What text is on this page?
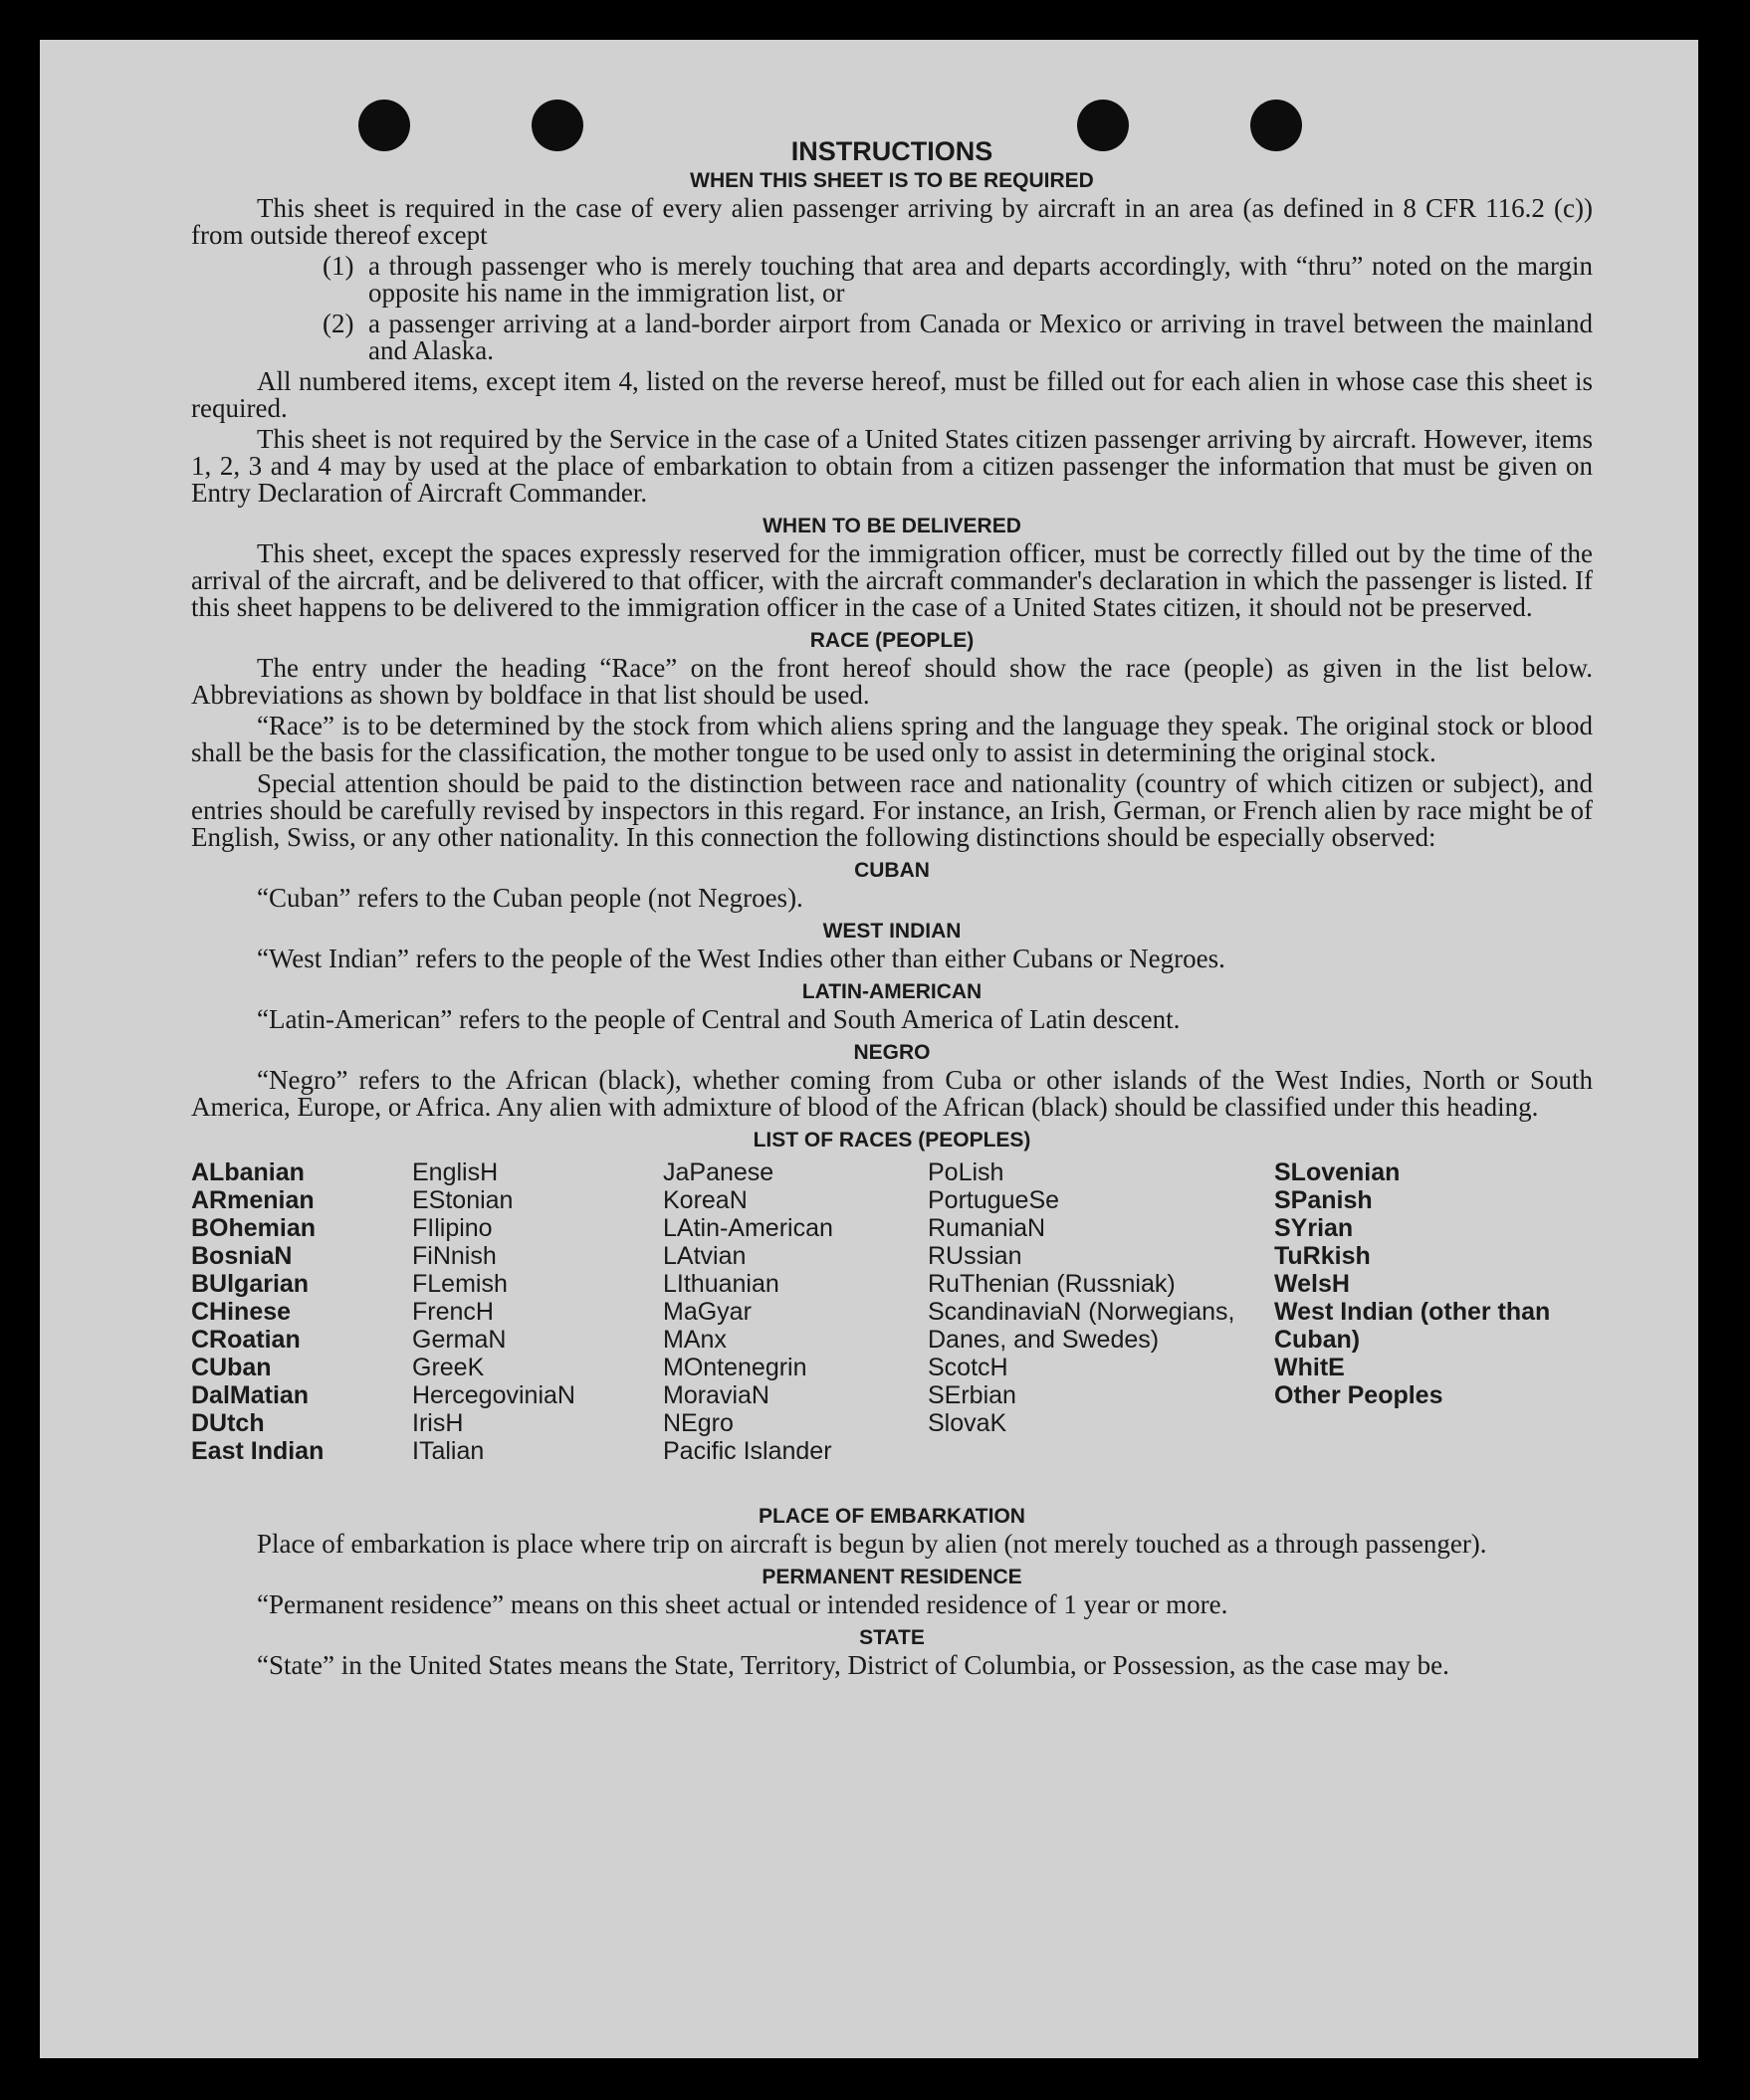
INSTRUCTIONS
WHEN THIS SHEET IS TO BE REQUIRED

This sheet is required in the case of every alien passenger arriving by aircraft in an area (as defined in 8 CFR 116.2 (c)) from outside thereof except

(1) a through passenger who is merely touching that area and departs accordingly, with “thru” noted on the margin opposite his name in the immigration list, or
(2) a passenger arriving at a land-border airport from Canada or Mexico or arriving in travel between the mainland and Alaska.

All numbered items, except item 4, listed on the reverse hereof, must be filled out for each alien in whose case this sheet is required.

This sheet is not required by the Service in the case of a United States citizen passenger arriving by aircraft. However, items 1, 2, 3 and 4 may by used at the place of embarkation to obtain from a citizen passenger the information that must be given on Entry Declaration of Aircraft Commander.

WHEN TO BE DELIVERED

This sheet, except the spaces expressly reserved for the immigration officer, must be correctly filled out by the time of the arrival of the aircraft, and be delivered to that officer, with the aircraft commander's declaration in which the passenger is listed. If this sheet happens to be delivered to the immigration officer in the case of a United States citizen, it should not be preserved.

RACE (PEOPLE)

The entry under the heading “Race” on the front hereof should show the race (people) as given in the list below. Abbreviations as shown by boldface in that list should be used.

“Race” is to be determined by the stock from which aliens spring and the language they speak. The original stock or blood shall be the basis for the classification, the mother tongue to be used only to assist in determining the original stock.

Special attention should be paid to the distinction between race and nationality (country of which citizen or subject), and entries should be carefully revised by inspectors in this regard. For instance, an Irish, German, or French alien by race might be of English, Swiss, or any other nationality. In this connection the following distinctions should be especially observed:

CUBAN

“Cuban” refers to the Cuban people (not Negroes).

WEST INDIAN

“West Indian” refers to the people of the West Indies other than either Cubans or Negroes.

LATIN-AMERICAN

“Latin-American” refers to the people of Central and South America of Latin descent.

NEGRO

“Negro” refers to the African (black), whether coming from Cuba or other islands of the West Indies, North or South America, Europe, or Africa. Any alien with admixture of blood of the African (black) should be classified under this heading.

LIST OF RACES (PEOPLES)
ALbanian
ARmenian
BOhemian
BosniaN
BUlgarian
CHinese
CRoatian
CUban
DalMatian
DUtch
East Indian
EnglisH
EStonian
FIlipino
FiNnish
FLemish
FrencH
GermaN
GreeK
HercegoviniaN
IrisH
ITalian
JaPanese
KoreaN
LAtin-American
LAtvian
LIthuanian
MaGyar
MAnx
MOntenegrin
MoraviaN
NEgro
Pacific Islander
PoLish
PortugueSe
RumaniaN
RUssian
RuThenian (Russniak)
ScandinaviaN (Norwegians, Danes, and Swedes)
ScotcH
SErbian
SlovaK
SLovenian
SPanish
SYrian
TuRkish
WelsH
West Indian (other than Cuban)
WhitE
Other Peoples
PLACE OF EMBARKATION

Place of embarkation is place where trip on aircraft is begun by alien (not merely touched as a through passenger).

PERMANENT RESIDENCE

“Permanent residence” means on this sheet actual or intended residence of 1 year or more.

STATE

“State” in the United States means the State, Territory, District of Columbia, or Possession, as the case may be.
